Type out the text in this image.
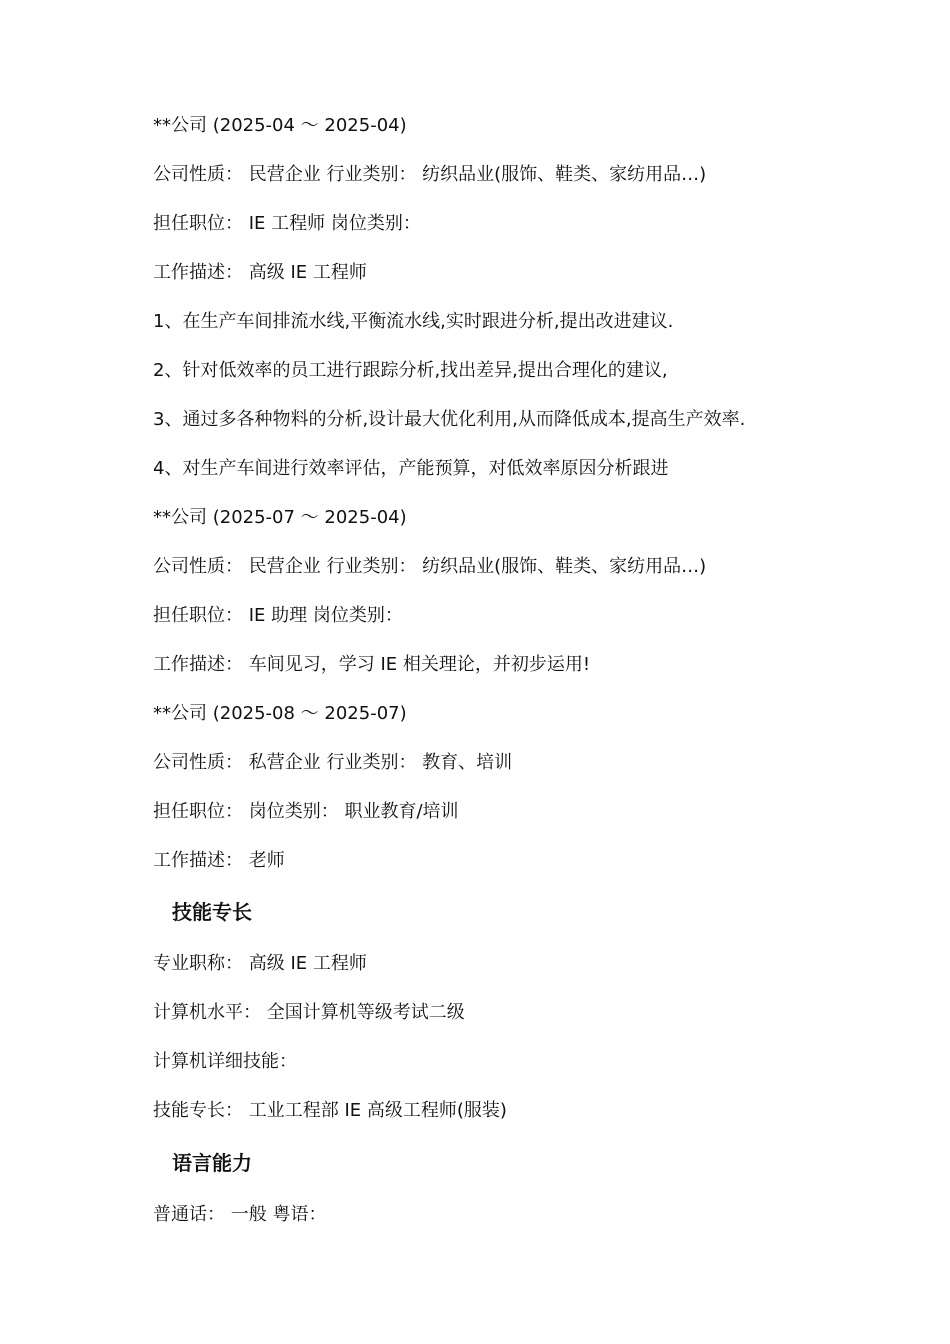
**公司 (2025-04 ～ 2025-04)
公司性质： 民营企业 行业类别： 纺织品业(服饰、鞋类、家纺用品…)
担任职位： IE 工程师 岗位类别：
工作描述： 高级 IE 工程师
1、在生产车间排流水线,平衡流水线,实时跟进分析,提出改进建议.
2、针对低效率的员工进行跟踪分析,找出差异,提出合理化的建议,
3、通过多各种物料的分析,设计最大优化利用,从而降低成本,提高生产效率.
4、对生产车间进行效率评估，产能预算，对低效率原因分析跟进
**公司 (2025-07 ～ 2025-04)
公司性质： 民营企业 行业类别： 纺织品业(服饰、鞋类、家纺用品…)
担任职位： IE 助理 岗位类别：
工作描述： 车间见习，学习 IE 相关理论，并初步运用!
**公司 (2025-08 ～ 2025-07)
公司性质： 私营企业 行业类别： 教育、培训
担任职位： 岗位类别： 职业教育/培训
工作描述： 老师
技能专长
专业职称： 高级 IE 工程师
计算机水平： 全国计算机等级考试二级
计算机详细技能：
技能专长： 工业工程部 IE 高级工程师(服装)
语言能力
普通话： 一般 粤语：
